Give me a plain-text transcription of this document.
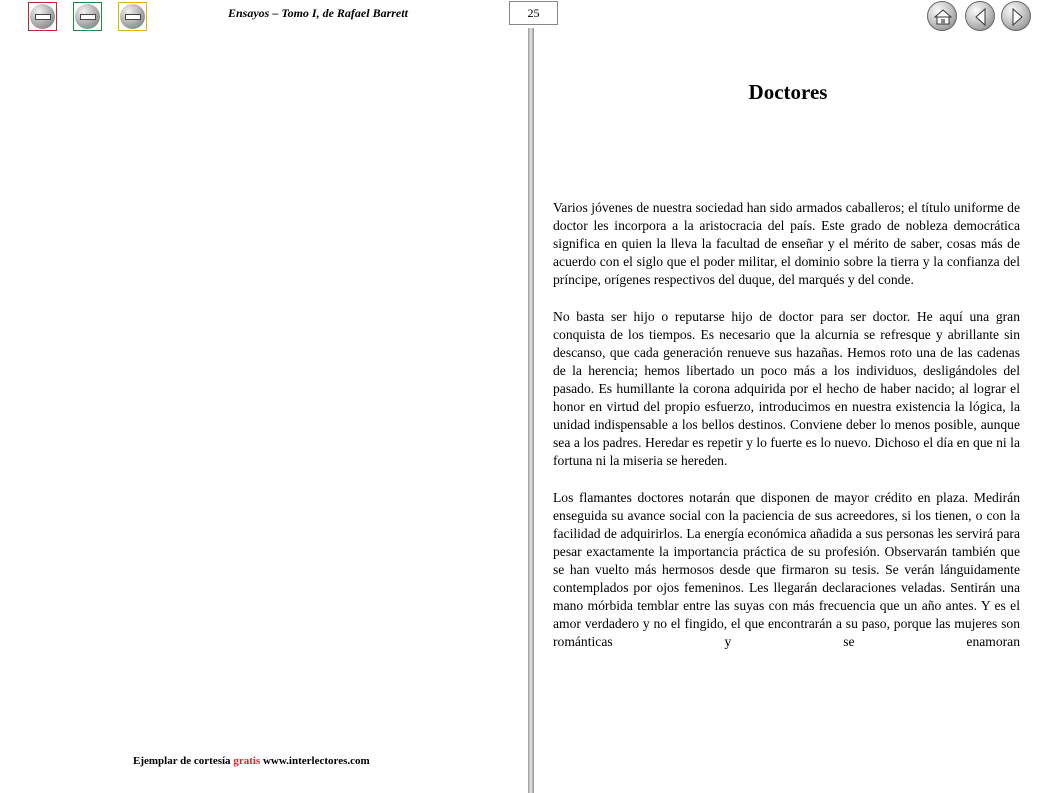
Ensayos – Tomo I, de Rafael Barrett	25
Doctores

Varios jóvenes de nuestra sociedad han sido armados caballeros; el título uniforme de doctor les incorpora a la aristocracia del país. Este grado de nobleza democrática significa en quien la lleva la facultad de enseñar y el mérito de saber, cosas más de acuerdo con el siglo que el poder militar, el dominio sobre la tierra y la confianza del príncipe, orígenes respectivos del duque, del marqués y del conde.

No basta ser hijo o reputarse hijo de doctor para ser doctor. He aquí una gran conquista de los tiempos. Es necesario que la alcurnia se refresque y abrillante sin descanso, que cada generación renueve sus hazañas. Hemos roto una de las cadenas de la herencia; hemos libertado un poco más a los individuos, desligándoles del pasado. Es humillante la corona adquirida por el hecho de haber nacido; al lograr el honor en virtud del propio esfuerzo, introducimos en nuestra existencia la lógica, la unidad indispensable a los bellos destinos. Conviene deber lo menos posible, aunque sea a los padres. Heredar es repetir y lo fuerte es lo nuevo. Dichoso el día en que ni la fortuna ni la miseria se hereden.

Los flamantes doctores notarán que disponen de mayor crédito en plaza. Medirán enseguida su avance social con la paciencia de sus acreedores, si los tienen, o con la facilidad de adquirirlos. La energía económica añadida a sus personas les servirá para pesar exactamente la importancia práctica de su profesión. Observarán también que se han vuelto más hermosos desde que firmaron su tesis. Se verán lánguidamente contemplados por ojos femeninos. Les llegarán declaraciones veladas. Sentirán una mano mórbida temblar entre las suyas con más frecuencia que un año antes. Y es el amor verdadero y no el fingido, el que encontrarán a su paso, porque las mujeres son románticas y se enamoran

Ejemplar de cortesía gratis www.interlectores.com
